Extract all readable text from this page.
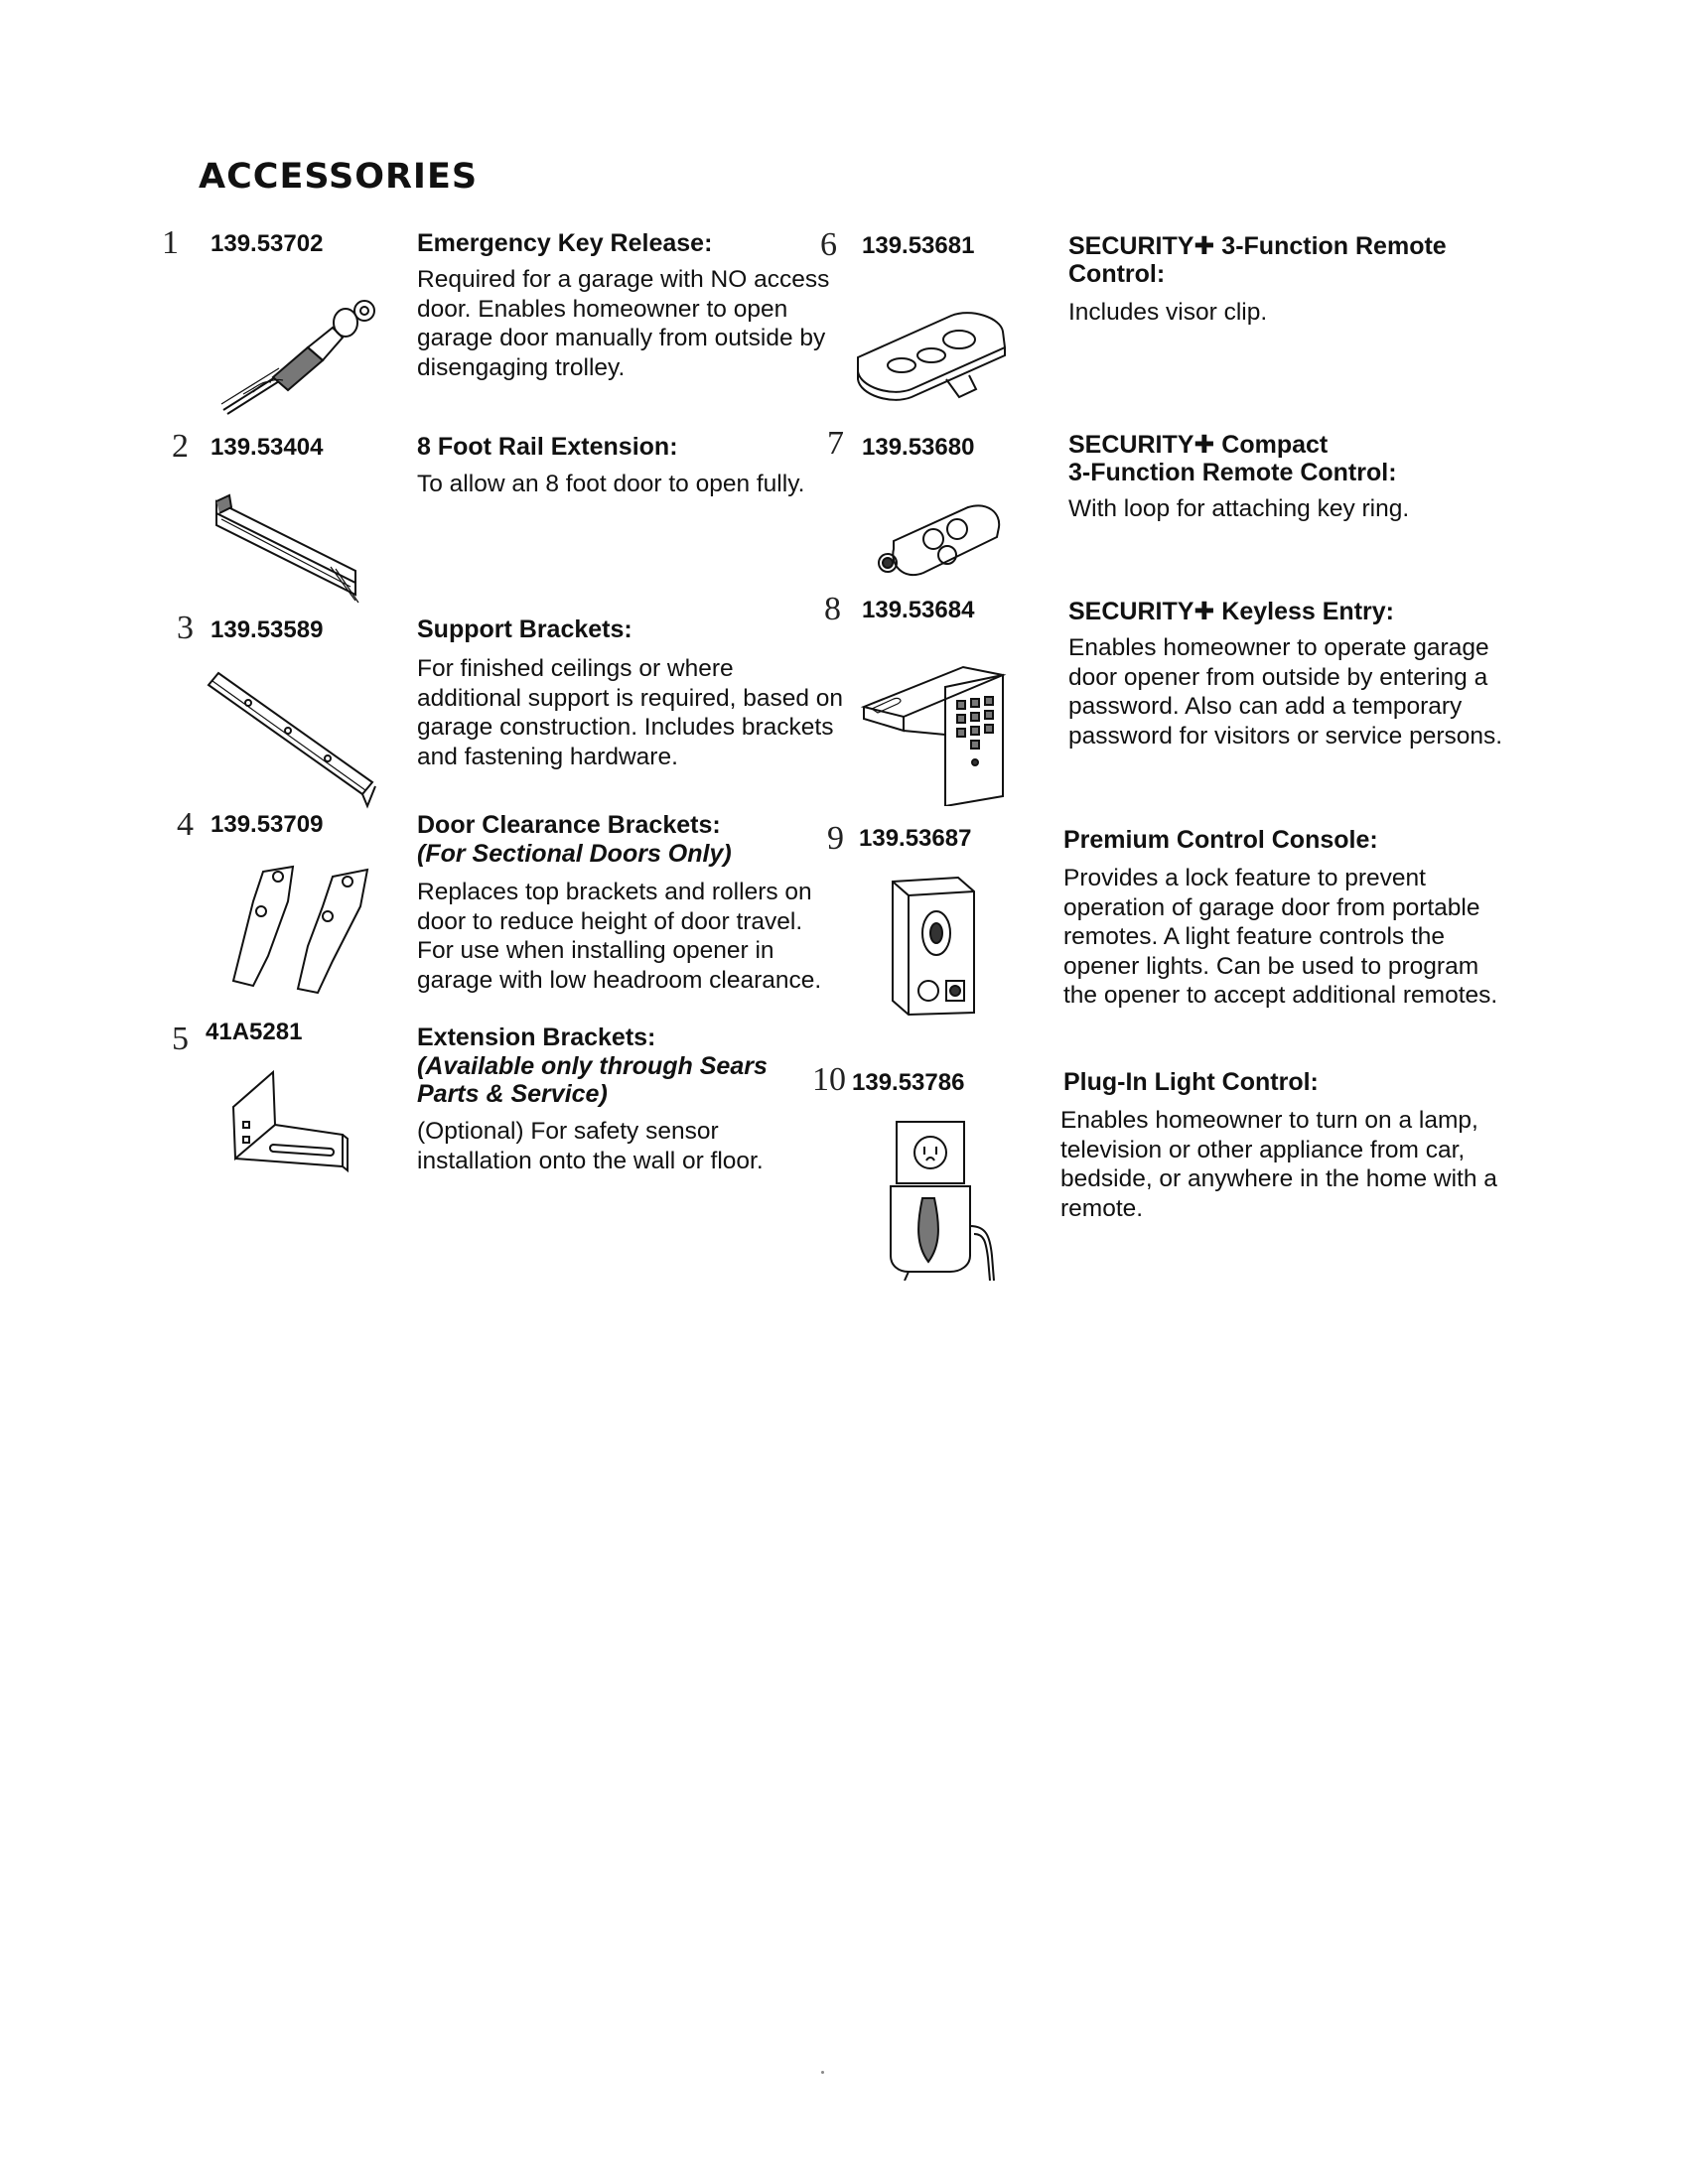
ACCESSORIES
1 139.53702	Emergency Key Release:
Required for a garage with NO access door. Enables homeowner to open garage door manually from outside by disengaging trolley.
2 139.53404	8 Foot Rail Extension:
To allow an 8 foot door to open fully.
3 139.53589	Support Brackets:
For finished ceilings or where additional support is required, based on garage construction. Includes brackets and fastening hardware.
4 139.53709	Door Clearance Brackets:
(For Sectional Doors Only)
Replaces top brackets and rollers on door to reduce height of door travel. For use when installing opener in garage with low headroom clearance.
5 41A5281	Extension Brackets:
(Available only through Sears
Parts & Service)
(Optional) For safety sensor installation onto the wall or floor.
6 139.53681	SECURITY✚ 3-Function Remote
Control:
Includes visor clip.
7 139.53680	SECURITY✚ Compact
3-Function Remote Control:
With loop for attaching key ring.
8 139.53684	SECURITY✚ Keyless Entry:
Enables homeowner to operate garage door opener from outside by entering a password. Also can add a temporary password for visitors or service persons.
9 139.53687	Premium Control Console:
Provides a lock feature to prevent operation of garage door from portable remotes. A light feature controls the opener lights. Can be used to program the opener to accept additional remotes.
10 139.53786	Plug-In Light Control:
Enables homeowner to turn on a lamp, television or other appliance from car, bedside, or anywhere in the home with a remote.
